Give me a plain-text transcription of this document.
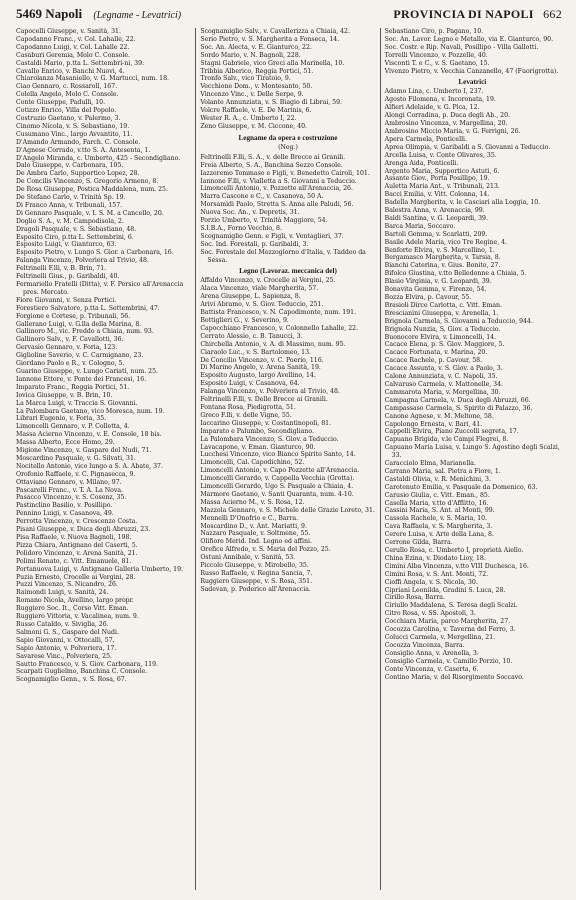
5469 Napoli (Legname - Levatrici)	PROVINCIA DI NAPOLI 662

Capocelli Giuseppe, v. Sanità, 31.

Capodanno Franc., v. Col. Lahalle, 22.

Capodanno Luigi, v. Col. Lahalle 22.

Casaburi Geremia, Molo C. Console.

Castaldi Mario, p.tta L. Settembri-ni, 39.

Cavallo Enrico, v. Banchi Nuovi, 4.

Chiarolanza Masaniello, v. G. Martucci, num. 18.

Ciao Gennaro, c. Rossaroll, 167.

Colella Angelo, Molo C. Console.

Conte Giuseppe, Padulli, 10.

Cotizzo Enrico, Villa del Popolo.

Costruzio Gaetano, v. Palermo, 3.

Cinomo Nicola, v. S. Sebastiano, 19.

Cusumano Vinc., largo Avvantito, 11.

D'Amando Armando, Farch. C. Console.

D'Agnese Corrado, v.tto S. A. Antesenta, 1.

D'Angelo Miranda, c. Umberto, 425 - Secondigliano.

Dalo Giuseppe, v. Carbonara, 105.

De Ambra Carlo, Supportico Lopez, 28.

De Concilis Vincenzo, S. Gregorio Armeno, 8.

De Rosa Giuseppe, Postica Maddalena, num. 25.

De Stefano Carlo, v. Trinità Sp. 19.

Di Franco Anna, v. Tribunali, 157.

Di Gennaro Pasquale, v. I. S. M. a Cancello, 20.

Doglio S. A., v. M. Campodisola, 2.

Dragoli Pasquale, v. S. Sebastiano, 48.

Esposito Ciro, p.tta L. Settembrini, 6.

Esposito Luigi, v. Gianturco, 63.

Esposito Pietro, v. Lungo S. Gior. a Carbonara, 16.

Falanga Vincenzo, Polveriera al Trivio, 48.

Feltrinelli F.lli, v. B. Brin, 71.

Feltrinelli Gius., p. Garibaldi, 40.

Fermariello Fratelli (Ditta), v. F. Persico all'Arenaccia pres. Mercato.

Fiore Giovanni, v. Senza Portici.

Forestiero Salvatore, p.tta L. Settembrini, 47.

Forgione e Cortese, p. Tribunali, 56.

Gallerano Luigi, v. G.lla della Marina, 8.

Gallinoro M., vic. Freddo a Chiaia, num. 93.

Gallinoro Salv., v. F. Cavallotti, 36.

Gervasio Gennaro, v. Foria, 123.

Giglioline Saverio, v. C. Carmignano, 23.

Giordano Paolo e R., v. Cologno, 5.

Guarino Giuseppe, v. Lungo Cariati, num. 25.

Iannone Ettore, v. Ponte dei Francesi, 16.

Imparato Franc., Reggia Portici, 51.

Iovica Giuseppe, v. B. Brin, 10.

La Marca Luigi, v. Traccia S. Giovanni.

La Palombara Gaetano, vico Moresca, num. 19.

Librari Eugenio, v. Foria, 35.

Limoncelli Gennaro, v. P. Colletta, 4.

Massa Acierno Vincenzo, v. E. Console, 18 bis.

Massa Alberto, Ecce Homo, 29.

Migione Vincenzo, v. Gaspare del Nudi, 71.

Moscardino Pasquale, v. G. Silvati, 31.

Nocitello Antonio, vico lungo a S. A. Abate, 37.

Orofonio Raffaele, v. C. Pignasecca, 9.

Ottaviano Gennaro, v. Milano, 97.

Pascarelli Franc., v. T. A. La Nova.

Pasacco Vincenzo, v. S. Cosenz, 35.

Pastinclino Basilio, v. Posillipo.

Pennino Luigi, v. Casanova, 49.

Perrotta Vincenzo, v. Crescenzo Costa.

Pisani Giuseppe, v. Duca degli Abruzzi, 23.

Pisa Raffaele, v. Nuova Bagnoli, 198.

Pizza Chiara, Antignano del Caserti, 5.

Polidoro Vincenzo, v. Arena Sanità, 21.

Polimi Renato, c. Vitt. Emanuele, 81.

Portanuova Luigi, v. Antignano Galleria Umberto, 19.

Puzia Ernesto, Crocelle ai Vergini, 28.

Puzzi Vincenzo, S. Nicandro, 26.

Raimondi Luigi, v. Sanità, 24.

Romano Nicola, Avellino, largo propr.

Ruggiero Soc. It., Corso Vitt. Eman.

Ruggiero Vittoria, v. Vacalinea, num. 9.

Russo Cataldo, v. Siviglia, 26.

Salmoni G. S., Gaspare del Nudi.

Sapio Giovanni, v. Ottocalli, 57.

Sapio Antonio, v. Polveriera, 17.

Savarese Vinc., Polveriera, 25.

Sautto Francesco, v. S. Giov. Carbonara, 119.

Scarpati Guglielmo, Banchina C. Console.

Scognamiglio Genn., v. S. Rosa, 67.

Scognamiglio Salv., v. Cavallerizza a Chiaia, 42.

Serio Pietro, v. S. Margherita a Fonseca, 14.

Soc. An. Alecta, v. E. Gianturco, 22.

Sordo Mario, v. N. Bagnoli, 228.

Stagni Gabriele, vico Greci alla Marinella, 10.

Tribbia Alberico, Reggia Portici, 51.

Tronfo Salv., vico Tiratoio, 9.

Vecchione Dom., v. Montesanto, 50.

Vincenzo Vinc., v. Delle Serpe, 9.

Volante Annunziata, v. S. Biagio di Librai, 59.

Volcre Raffaele, v. E. De Marinis, 6.

Wester R. A., c. Umberto I, 22.

Zeno Giuseppe, v. M. Ciccone, 40.

Legname da opera e costruzione
(Neg.)

Feltrinelli F.lli, S. A., v. delle Brecce ai Granili.

Freia Alberto, S. A., Banchina Sezzo Console.

Iazzeremo Tommaso e Figli, v. Benedetto Cairoli, 101.

Iannone F.lli, v. Vialletta a S. Giovanni a Teduccio.

Limoncelli Antonio, v. Pozzette all'Arenaccia, 26.

Marra Cascone e C., v. Casanova, 50 A.

Morsamidi Paolo, Stretta S. Anna alle Paludi, 56.

Nuova Soc. An., v. Depretis, 31.

Porzio Umberto, v. Trinità Maggiore, 54.

S.I.B.A., Forno Vecchio, 8.

Scognamiglio Genn. e Figli, v. Ventaglieri, 37.

Soc. Ind. Forestali, p. Garibaldi, 3.

Soc. Forestale del Mezzogiorno d'Italia, v. Taddeo da Sessa.

Legno (Lavoraz. meccanica del)

Affaldo Vincenzo, v. Crocelle ai Vergini, 25.

Alaca Vincenzo, viale Margherita, 57.

Arena Giuseppe, L. Sapienza, 8.

Arivi Abramo, v. S. Giov. Teduccio, 251.

Battista Francesco, v. N. Capodimonte, num. 191.

Bottiglieri G., v. Severino, 9.

Capocchiano Francesco, v. Colonnello Lahalle, 22.

Cerrato Alessio, c. B. Tanucci, 3.

Chirchella Antonio, v. A. di Massimo, num. 95.

Ciaraolo Luc., v. S. Bartolomeo, 13.

De Concilio Vincenzo, v. C. Poerio, 116.

Di Marino Angelo, v. Arena Sanità, 19.

Esposito Augusto, largo Avellino, 14.

Esposito Luigi, v. Casanova, 64.

Falanga Vincenzo, v. Polveriera al Trivio, 48.

Feltrinelli F.lli, v. Delle Brecce ai Granili.

Fontana Rosa, Piedigrotta, 51.

Greco F.lli, v. delle Vigne, 55.

Iaccarino Giuseppe, v. Costantinopoli, 81.

Imparato e Palumbo, Secondigliano.

La Palombara Vincenzo, S. Giov. a Teduccio.

Lavacapone, v. Eman. Gianturco, 90.

Lucchesi Vincenzo, vico Bianco Spirito Santo, 14.

Limoncelli, Cal. Capodichino, 52.

Limoncelli Antonio, v. Capo Pozzette all'Arenaccia.

Limoncelli Gerardo, v. Cappella Vecchia (Grotta).

Limoncelli Gerardo, Ugo S. Pasquale a Chiaia, 4.

Marmore Gaetano, v. Santi Quaranta, num. 4-10.

Massa Acierno M., v. S. Rosa, 12.

Mazzola Gennaro, v. S. Michele delle Grazie Loreto, 31.

Mennelli D'Onofrio e C., Barra.

Moscardino D., v. Ant. Mariatti, 9.

Nazzaro Pasquale, v. Soltmene, 55.

Olifiore Merid. Ind. Legno ed affini.

Orefice Alfredo, v. S. Maria del Pozzo, 25.

Ostuni Annibale, v. Sanità, 53.

Piccolo Giuseppe, v. Mirobello, 35.

Russo Raffaele, v. Regina Sancia, 7.

Ruggiero Giuseppe, v. S. Rosa, 351.

Sadevan, p. Poderico all'Arenaccia.

Sebastiano Ciro, p. Pagano, 10.

Soc. An. Lavor. Legno e Metallo, via E. Gianturco, 90.

Soc. Costr. e Rip. Navali, Posillipo - Villa Gallotti.

Torrelli Vincenzo, v. Pozzelle, 40.

Visconti T. e C., v. S. Gaetano, 15.

Vivenzo Pietro, v. Vecchia Canzanello, 47 (Fuorigrotta).

Levatrici

Adamo Lina, c. Umberto I, 237.

Agosto Filomena, v. Incoronata, 19.

Alfieri Adelaide, v. G. Pica, 12.

Alongi Corradina, p. Duca degli Ab., 20.

Ambrosino Vincenza, v. Margellina, 20.

Ambrosino Miccio Maria, v. G. Ferrigni, 26.

Apera Carmela, Ponticelli.

Aprea Olimpia, v. Garibaldi a S. Giovanni a Teduccio.

Arcella Luisa, v. Conte Olivares, 35.

Arenga Aida, Ponticelli.

Argento Maria, Supportico Astuti, 6.

Assante Giov., Porta Posillipo, 19.

Auletta Maria Ant., v. Tribunali, 213.

Bacci Emilia, v. Vitt. Colonna, 14.

Badella Margherita, v. le Casciari alla Loggia, 10.

Balestra Anna, v. Arenaccia, 99.

Baldi Santina, v. G. Leopardi, 39.

Barca Maria, Soccavo.

Bartoli Gemma, v. Scarlatti, 209.

Basile Adele Maria, vico Tre Regine, 4.

Benforte Elvira, v. S. Marcellino, 1.

Bergamasco Margherita, v. Tarsia, 8.

Bianchi Caterina, v. Gius. Bonito, 27.

Bifolco Giustina, v.tto Belledonne a Chiaia, 5.

Blasio Virginia, v. G. Leopardi, 39.

Bonavita Gemma, v. Firenze, 54.

Bozza Elvira, p. Cavour, 55.

Brasioli Dirce Carlotta, c. Vitt. Eman.

Brescianini Giuseppa, v. Arenella, 1.

Brignola Carmela, S. Giovanni a Teduccio, 944.

Brignola Nunzia, S. Giov. a Teduccio.

Buonocore Elvira, v. Limoncelli, 14.

Cacace Elena, p. S. Giov. Maggiore, 5.

Cacace Fortunata, v. Marina, 20.

Cacace Rachele, p. Cavour, 58.

Cacace Assunta, v. S. Giov. a Paolo, 3.

Calone Annunziata, v. C. Napoli, 35.

Calvaruso Carmela, v. Mattonelle, 34.

Cammarota Maria, v. Mergellina, 30.

Campagna Carmela, v. Duca degli Abruzzi, 66.

Campassaso Carmela, S. Spirito di Palazzo, 36.

Canone Agnese, v. M. Meltone, 58.

Capolongo Ernesta, v. Bari, 41.

Cappelli Elvira, Piano Zuccolli segreta, 17.

Capuano Brigida, v.le Campi Flegrei, 8.

Capuano Maria Luisa, v. Lungo S. Agostino degli Scalzi, 33.

Caracciolo Elma, Marianella.

Carrano Maria, sal. Pietra a Fiore, 1.

Castaldi Olivia, v. R. Menichini, 3.

Carotenuto Emilia, v. Pasquale da Domenico, 63.

Carusio Giulia, c. Vitt. Eman., 85.

Casella Maria, v.tto d'Afflitto, 16.

Cassini Maria, S. Ant. al Monti, 99.

Cassola Rachele, v. S. Maria, 10.

Cava Raffaela, v. S. Margherita, 3.

Cerere Luisa, v. Arte della Lana, 8.

Cerrone Gilda, Barra.

Cerullo Rosa, c. Umberto I, proprietà Aiello.

China Ezina, v. Diodato Lioy, 18.

Cimini Alba Vincenza, v.tto VIII Duchesca, 16.

Cimini Rosa, v. S. Ant. Monti, 72.

Cioffi Angela, v. S. Nicola, 30.

Cipriani Leonilda, Gradini S. Luca, 28.

Cirillo Rosa, Barra.

Ciriullo Maddalena, S. Teresa degli Scalzi.

Citro Rosa, v. SS. Apostoli, 3.

Cocchiara Maria, parco Margherita, 27.

Cocozza Carolina, v. Taverna del Ferro, 3.

Colucci Carmela, v. Mergellina, 21.

Cocozza Vincenza, Barra.

Consiglio Anna, v. Arenella, 3.

Consiglio Carmela, v. Camillo Porzio, 10.

Conte Vincenza, v. Caserta, 6.

Contino Maria, v. del Risorgimento Soccavo.
